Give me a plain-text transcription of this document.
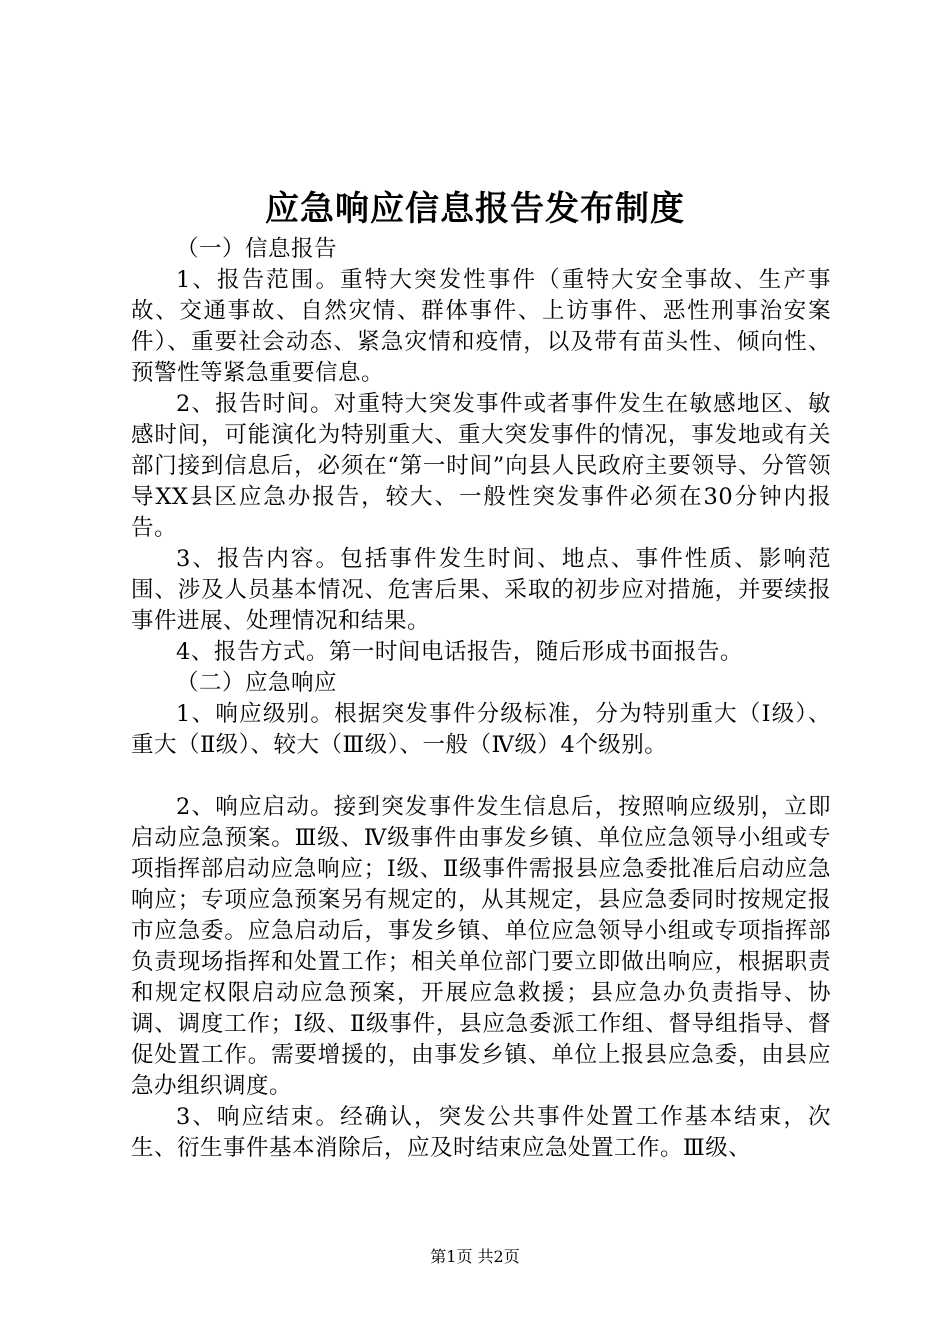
应急响应信息报告发布制度

（一）信息报告

1、报告范围。重特大突发性事件（重特大安全事故、生产事故、交通事故、自然灾情、群体事件、上访事件、恶性刑事治安案件）、重要社会动态、紧急灾情和疫情，以及带有苗头性、倾向性、预警性等紧急重要信息。

2、报告时间。对重特大突发事件或者事件发生在敏感地区、敏感时间，可能演化为特别重大、重大突发事件的情况，事发地或有关部门接到信息后，必须在“第一时间”向县人民政府主要领导、分管领导XX县区应急办报告，较大、一般性突发事件必须在30分钟内报告。

3、报告内容。包括事件发生时间、地点、事件性质、影响范围、涉及人员基本情况、危害后果、采取的初步应对措施，并要续报事件进展、处理情况和结果。

4、报告方式。第一时间电话报告，随后形成书面报告。

（二）应急响应

1、响应级别。根据突发事件分级标准，分为特别重大（Ⅰ级）、重大（Ⅱ级）、较大（Ⅲ级）、一般（Ⅳ级）4个级别。

2、响应启动。接到突发事件发生信息后，按照响应级别，立即启动应急预案。Ⅲ级、Ⅳ级事件由事发乡镇、单位应急领导小组或专项指挥部启动应急响应；Ⅰ级、Ⅱ级事件需报县应急委批准后启动应急响应；专项应急预案另有规定的，从其规定，县应急委同时按规定报市应急委。应急启动后，事发乡镇、单位应急领导小组或专项指挥部负责现场指挥和处置工作；相关单位部门要立即做出响应，根据职责和规定权限启动应急预案，开展应急救援；县应急办负责指导、协调、调度工作；Ⅰ级、Ⅱ级事件，县应急委派工作组、督导组指导、督促处置工作。需要增援的，由事发乡镇、单位上报县应急委，由县应急办组织调度。

3、响应结束。经确认，突发公共事件处置工作基本结束，次生、衍生事件基本消除后，应及时结束应急处置工作。Ⅲ级、

第1页 共2页
